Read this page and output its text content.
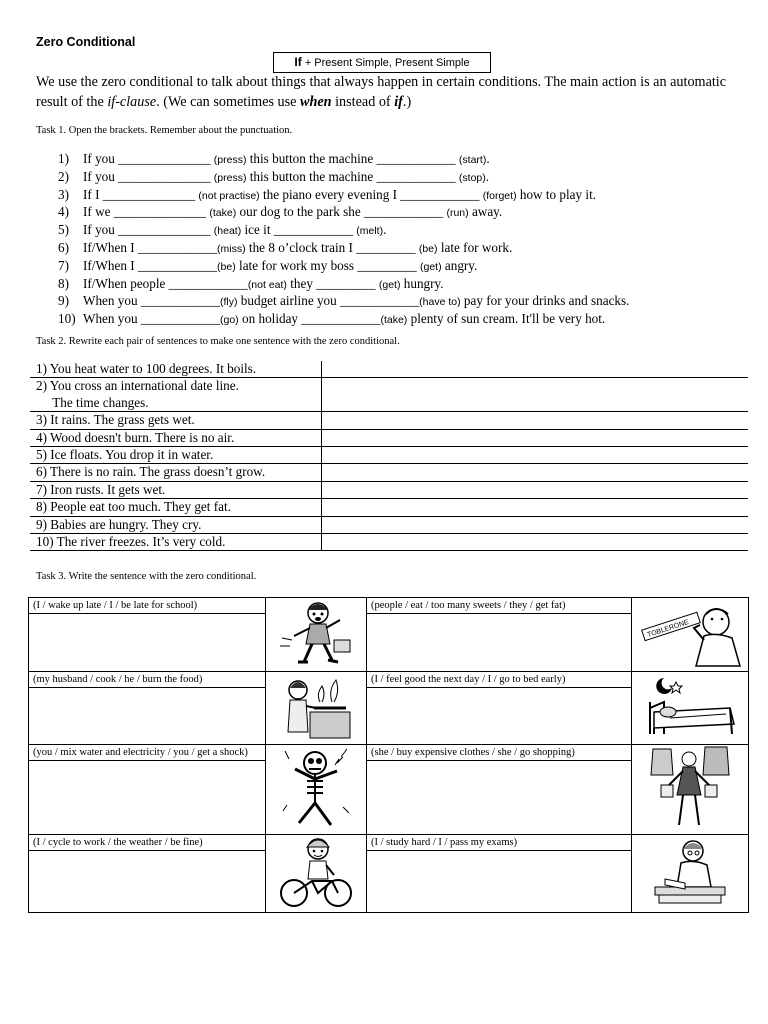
Zero Conditional
If + Present Simple, Present Simple
We use the zero conditional to talk about things that always happen in certain conditions. The main action is an automatic result of the if-clause. (We can sometimes use when instead of if.)
Task 1. Open the brackets. Remember about the punctuation.
1) If you ______________ (press) this button the machine ____________ (start).
2) If you ______________ (press) this button the machine ____________ (stop).
3) If I ______________ (not practise) the piano every evening I ____________ (forget) how to play it.
4) If we ______________ (take) our dog to the park she ____________ (run) away.
5) If you ______________ (heat) ice it ____________ (melt).
6) If/When I ____________(miss) the 8 o’clock train I _________ (be) late for work.
7) If/When I ____________(be) late for work my boss _________ (get) angry.
8) If/When people ____________(not eat) they _________ (get) hungry.
9) When you ____________(fly) budget airline you ____________(have to) pay for your drinks and snacks.
10) When you ____________(go) on holiday ____________(take) plenty of sun cream. It'll be very hot.
Task 2. Rewrite each pair of sentences to make one sentence with the zero conditional.
1) You heat water to 100 degrees. It boils.	
2) You cross an international date line.
The time changes.	
3) It rains. The grass gets wet.	
4) Wood doesn't burn. There is no air.	
5) Ice floats. You drop it in water.	
6) There is no rain. The grass doesn’t grow.	
7) Iron rusts. It gets wet.	
8) People eat too much. They get fat.	
9) Babies are hungry. They cry.	
10) The river freezes. It’s very cold.	
Task 3. Write the sentence with the zero conditional.
(I / wake up late / I / be late for school)		(people / eat / too many sweets / they / get fat)	TOBLERONE

(my husband / cook / he / burn the food)		(I / feel good the next day / I / go to bed early)

(you / mix water and electricity / you / get a shock)		(she / buy expensive clothes / she / go shopping)

(I / cycle to work / the weather / be fine)		(I / study hard / I / pass my exams)
